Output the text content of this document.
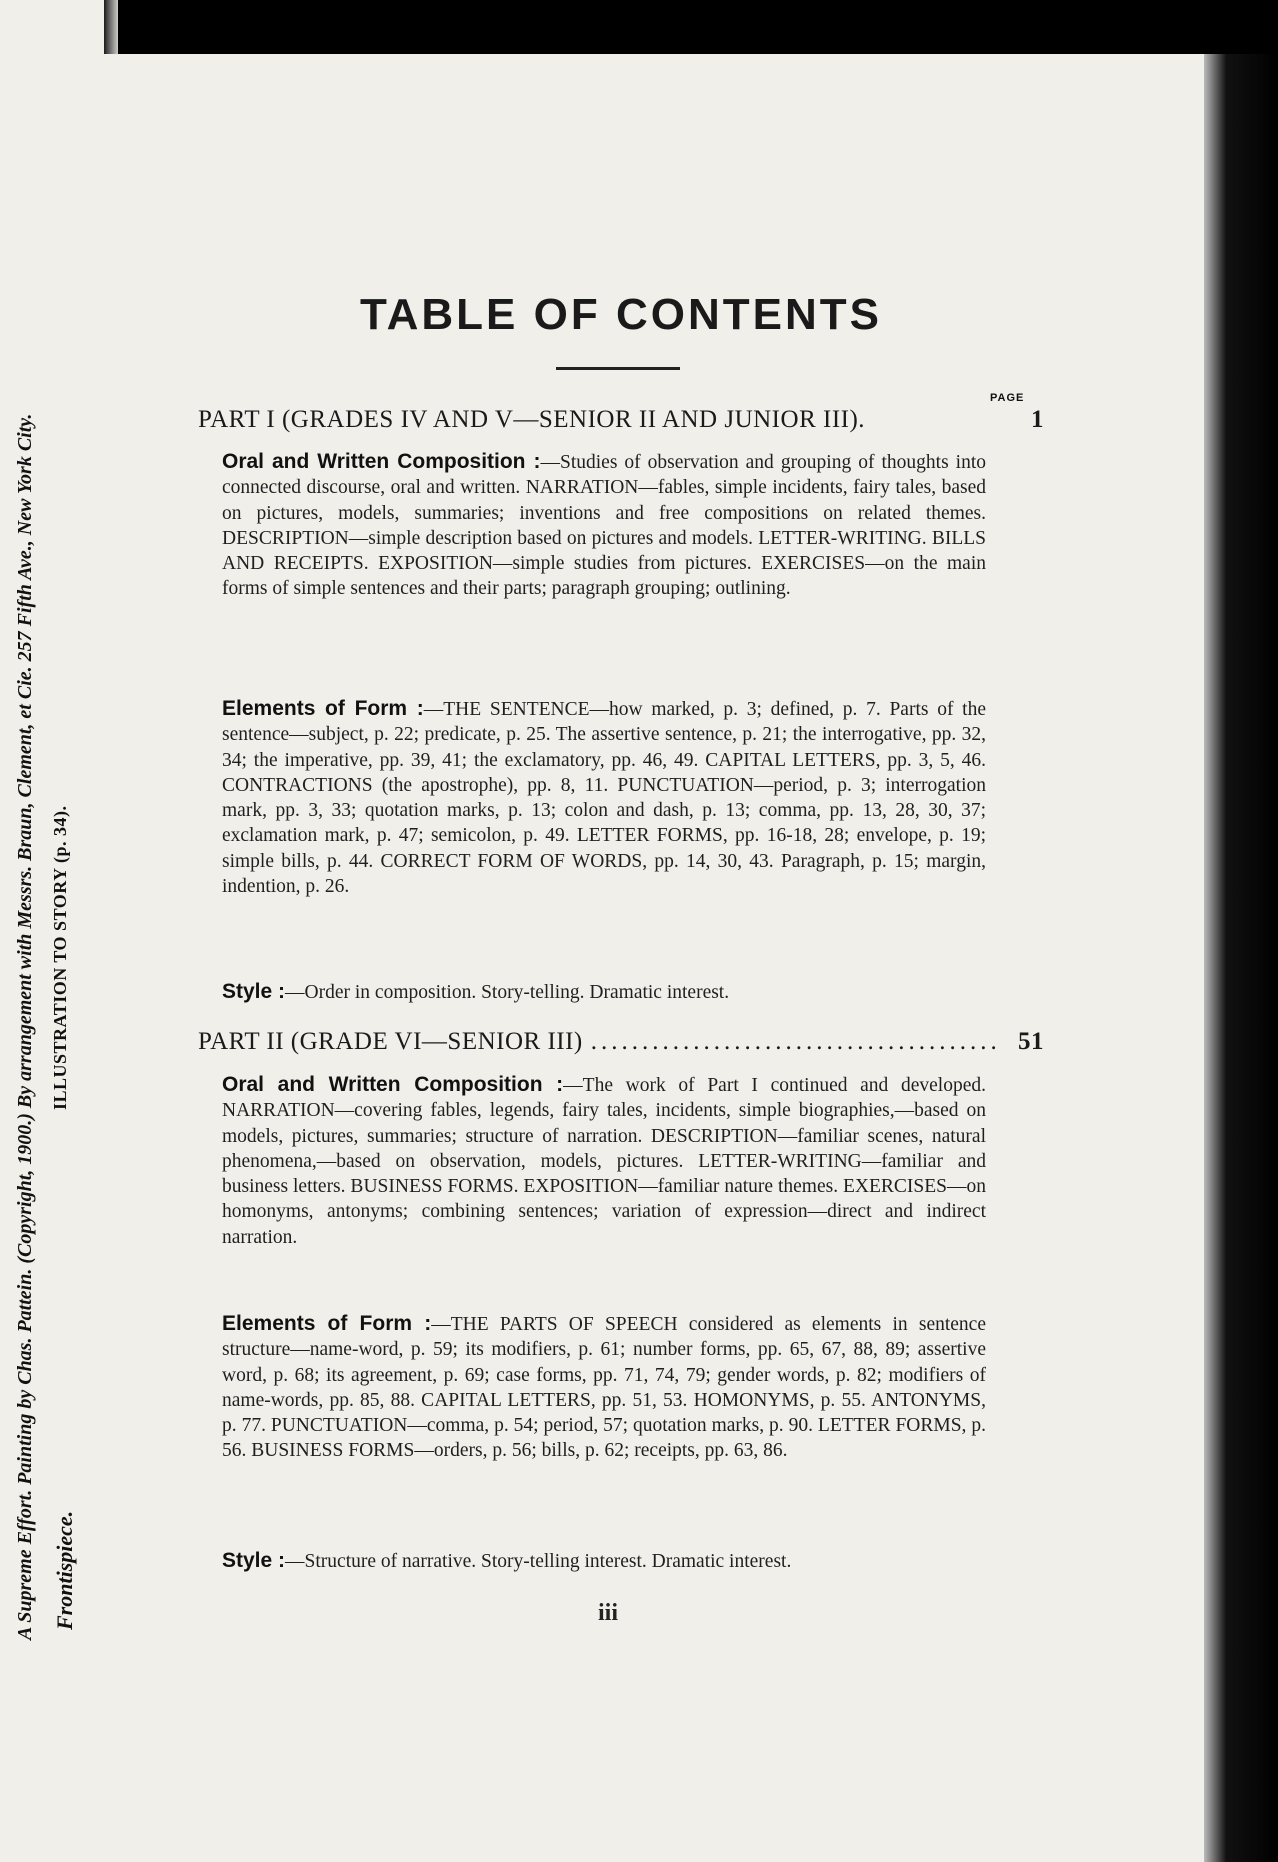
A Supreme Effort. Painting by Chas. Pattein. (Copyright, 1900.) By arrangement with Messrs. Braun, Clement, et Cie. 257 Fifth Ave., New York City. ILLUSTRATION TO STORY (p. 34).
Frontispiece.
TABLE OF CONTENTS
PAGE
PART I (GRADES IV AND V—SENIOR II AND JUNIOR III).	1
Oral and Written Composition :—Studies of observation and grouping of thoughts into connected discourse, oral and written. NARRATION—fables, simple incidents, fairy tales, based on pictures, models, summaries; inventions and free compositions on related themes. DESCRIPTION—simple description based on pictures and models. LETTER-WRITING. BILLS AND RECEIPTS. EXPOSITION—simple studies from pictures. EXERCISES—on the main forms of simple sentences and their parts; paragraph grouping; outlining.
Elements of Form :—THE SENTENCE—how marked, p. 3; defined, p. 7. Parts of the sentence—subject, p. 22; predicate, p. 25. The assertive sentence, p. 21; the interrogative, pp. 32, 34; the imperative, pp. 39, 41; the exclamatory, pp. 46, 49. CAPITAL LETTERS, pp. 3, 5, 46. CONTRACTIONS (the apostrophe), pp. 8, 11. PUNCTUATION—period, p. 3; interrogation mark, pp. 3, 33; quotation marks, p. 13; colon and dash, p. 13; comma, pp. 13, 28, 30, 37; exclamation mark, p. 47; semicolon, p. 49. LETTER FORMS, pp. 16-18, 28; envelope, p. 19; simple bills, p. 44. CORRECT FORM OF WORDS, pp. 14, 30, 43. Paragraph, p. 15; margin, indention, p. 26.
Style :—Order in composition. Story-telling. Dramatic interest.
PART II (GRADE VI—SENIOR III) ........................................ 51
Oral and Written Composition :—The work of Part I continued and developed. NARRATION—covering fables, legends, fairy tales, incidents, simple biographies,—based on models, pictures, summaries; structure of narration. DESCRIPTION—familiar scenes, natural phenomena,—based on observation, models, pictures. LETTER-WRITING—familiar and business letters. BUSINESS FORMS. EXPOSITION—familiar nature themes. EXERCISES—on homonyms, antonyms; combining sentences; variation of expression—direct and indirect narration.
Elements of Form :—THE PARTS OF SPEECH considered as elements in sentence structure—name-word, p. 59; its modifiers, p. 61; number forms, pp. 65, 67, 88, 89; assertive word, p. 68; its agreement, p. 69; case forms, pp. 71, 74, 79; gender words, p. 82; modifiers of name-words, pp. 85, 88. CAPITAL LETTERS, pp. 51, 53. HOMONYMS, p. 55. ANTONYMS, p. 77. PUNCTUATION—comma, p. 54; period, 57; quotation marks, p. 90. LETTER FORMS, p. 56. BUSINESS FORMS—orders, p. 56; bills, p. 62; receipts, pp. 63, 86.
Style :—Structure of narrative. Story-telling interest. Dramatic interest.
iii
